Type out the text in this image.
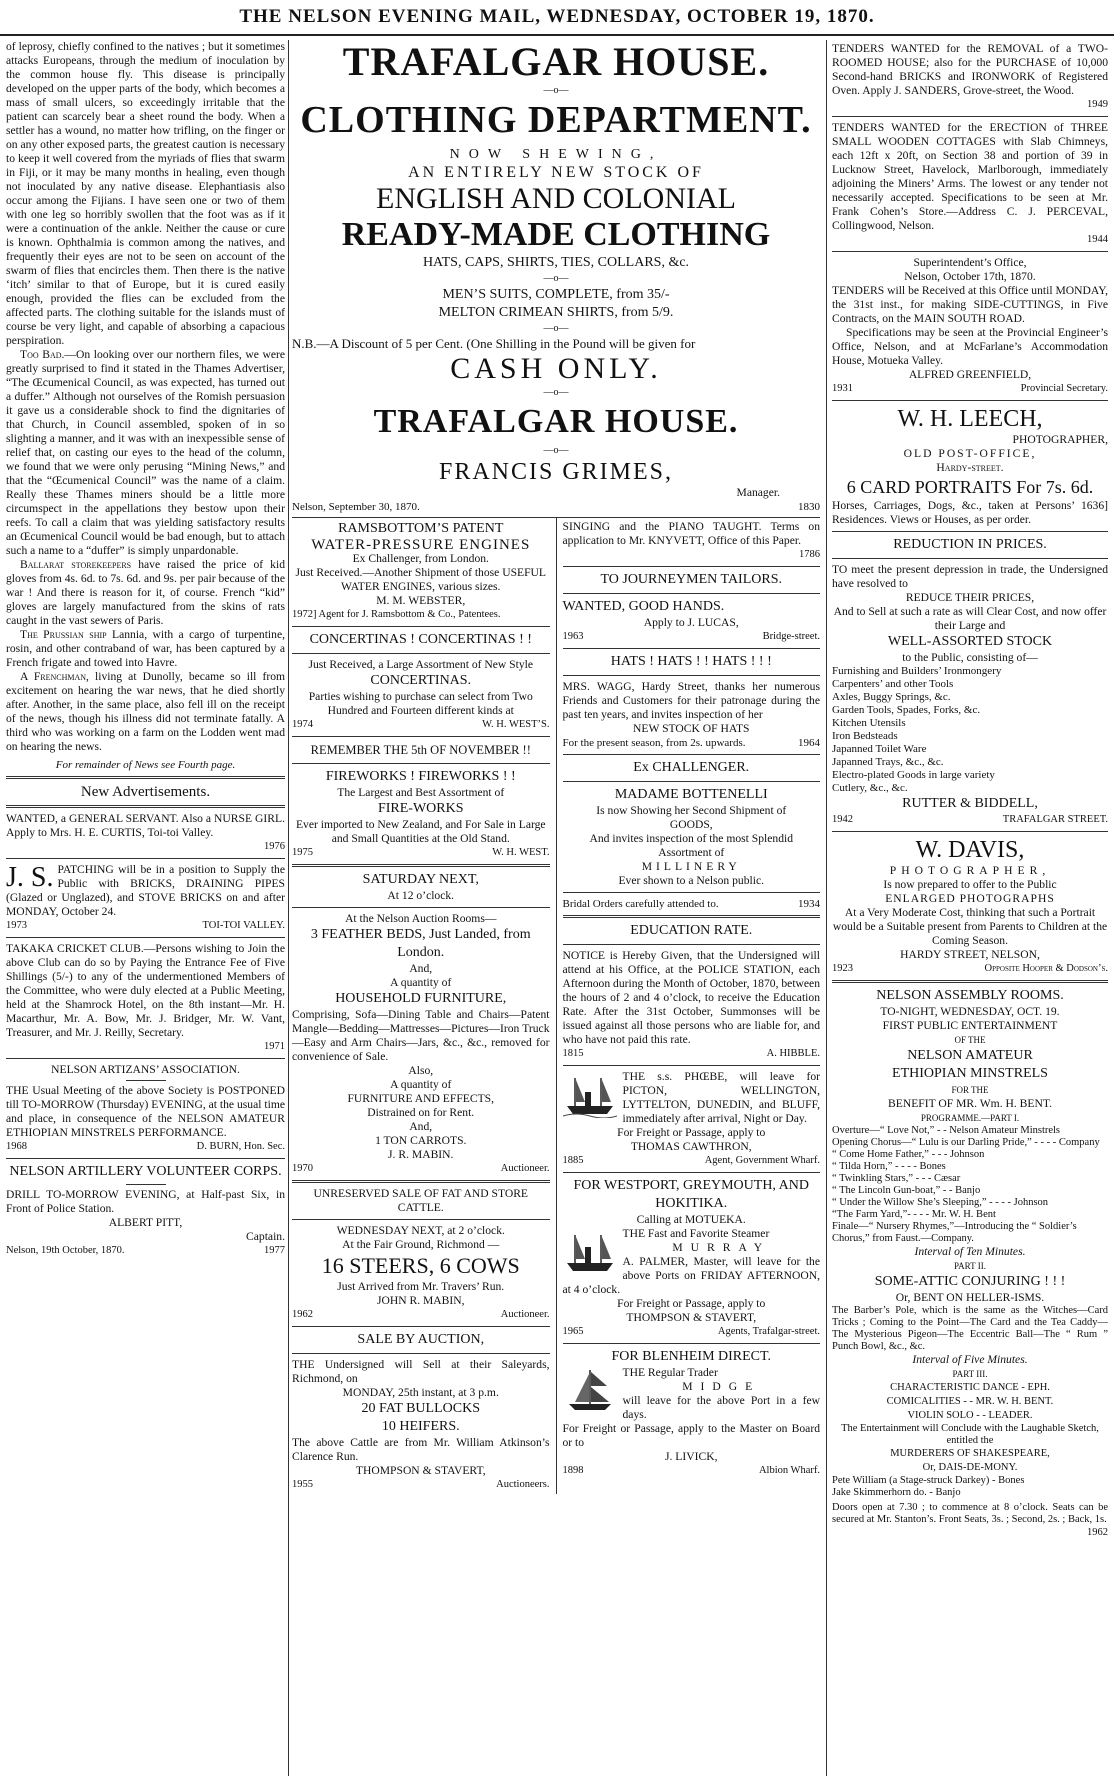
THE NELSON EVENING MAIL, WEDNESDAY, OCTOBER 19, 1870.

of leprosy, chiefly confined to the natives ; but it sometimes attacks Europeans, through the medium of inoculation by the common house fly. This disease is principally developed on the upper parts of the body, which becomes a mass of small ulcers, so exceedingly irritable that the patient can scarcely bear a sheet round the body. When a settler has a wound, no matter how trifling, on the finger or on any other exposed parts, the greatest caution is necessary to keep it well covered from the myriads of flies that swarm in Fiji, or it may be many months in healing, even though not inoculated by any native disease. Elephantiasis also occur among the Fijians. I have seen one or two of them with one leg so horribly swollen that the foot was as if it were a continuation of the ankle. Neither the cause or cure is known. Ophthalmia is common among the natives, and frequently their eyes are not to be seen on account of the swarm of flies that encircles them. Then there is the native ‘itch’ similar to that of Europe, but it is cured easily enough, provided the flies can be excluded from the affected parts. The clothing suitable for the islands must of course be very light, and capable of absorbing a capacious perspiration.

Too Bad.—On looking over our northern files, we were greatly surprised to find it stated in the Thames Advertiser, “The Œcumenical Council, as was expected, has turned out a duffer.” Although not ourselves of the Romish persuasion it gave us a considerable shock to find the dignitaries of that Church, in Council assembled, spoken of in so slighting a manner, and it was with an inexpessible sense of relief that, on casting our eyes to the head of the column, we found that we were only perusing “Mining News,” and that the “Œcumenical Council” was the name of a claim. Really these Thames miners should be a little more circumspect in the appellations they bestow upon their reefs. To call a claim that was yielding satisfactory results an Œcumenical Council would be bad enough, but to attach such a name to a “duffer” is simply unpardonable.

Ballarat storekeepers have raised the price of kid gloves from 4s. 6d. to 7s. 6d. and 9s. per pair because of the war ! And there is reason for it, of course. French “kid” gloves are largely manufactured from the skins of rats caught in the vast sewers of Paris.

The Prussian ship Lannia, with a cargo of turpentine, rosin, and other contraband of war, has been captured by a French frigate and towed into Havre.

A Frenchman, living at Dunolly, became so ill from excitement on hearing the war news, that he died shortly after. Another, in the same place, also fell ill on the receipt of the news, though his illness did not terminate fatally. A third who was working on a farm on the Lodden went mad on hearing the news.

For remainder of News see Fourth page.

New Advertisements.

WANTED, a GENERAL SERVANT. Also a NURSE GIRL. Apply to Mrs. H. E. CURTIS, Toi-toi Valley.

1976
J. S. PATCHING will be in a position to Supply the Public with BRICKS, DRAINING PIPES (Glazed or Unglazed), and STOVE BRICKS on and after MONDAY, October 24.

1973	TOI-TOI VALLEY.

TAKAKA CRICKET CLUB.—Persons wishing to Join the above Club can do so by Paying the Entrance Fee of Five Shillings (5/-) to any of the undermentioned Members of the Committee, who were duly elected at a Public Meeting, held at the Shamrock Hotel, on the 8th instant—Mr. H. Macarthur, Mr. A. Bow, Mr. J. Bridger, Mr. W. Vant, Treasurer, and Mr. J. Reilly, Secretary.

1971
NELSON ARTIZANS’ ASSOCIATION.

THE Usual Meeting of the above Society is POSTPONED till TO-MORROW (Thursday) EVENING, at the usual time and place, in consequence of the NELSON AMATEUR ETHIOPIAN MINSTRELS PERFORMANCE.

1968	D. BURN, Hon. Sec.
NELSON ARTILLERY VOLUNTEER CORPS.

DRILL TO-MORROW EVENING, at Half-past Six, in Front of Police Station.

ALBERT PITT,
Captain.
Nelson, 19th October, 1870.	1977
TRAFALGAR HOUSE.
—o—
CLOTHING DEPARTMENT.
NOW SHEWING,
AN ENTIRELY NEW STOCK OF
ENGLISH AND COLONIAL
READY-MADE CLOTHING
HATS, CAPS, SHIRTS, TIES, COLLARS, &c.
—o—
MEN’S SUITS, COMPLETE, from 35/-
MELTON CRIMEAN SHIRTS, from 5/9.
—o—
N.B.—A Discount of 5 per Cent. (One Shilling in the Pound will be given for
CASH ONLY.
—o—
TRAFALGAR HOUSE.
—o—
FRANCIS GRIMES,
Manager.
Nelson, September 30, 1870.	1830
RAMSBOTTOM’S PATENT
WATER-PRESSURE ENGINES
Ex Challenger, from London.

Just Received.—Another Shipment of those USEFUL WATER ENGINES, various sizes.

M. M. WEBSTER,
1972] Agent for J. Ramsbottom & Co., Patentees.
CONCERTINAS ! CONCERTINAS ! !
Just Received, a Large Assortment of New Style
CONCERTINAS.

Parties wishing to purchase can select from Two Hundred and Fourteen different kinds at

1974	W. H. WEST’S.
REMEMBER THE 5th OF NOVEMBER !!
FIREWORKS ! FIREWORKS ! !
The Largest and Best Assortment of
FIRE-WORKS

Ever imported to New Zealand, and For Sale in Large and Small Quantities at the Old Stand.

1975	W. H. WEST.
SATURDAY NEXT,
At 12 o’clock.
At the Nelson Auction Rooms—
3 FEATHER BEDS, Just Landed, from London.
And,
A quantity of
HOUSEHOLD FURNITURE,

Comprising, Sofa—Dining Table and Chairs—Patent Mangle—Bedding—Mattresses—Pictures—Iron Truck—Easy and Arm Chairs—Jars, &c., &c., removed for convenience of Sale.

Also,
A quantity of
FURNITURE AND EFFECTS,
Distrained on for Rent.
And,
1 TON CARROTS.
J. R. MABIN.
1970	Auctioneer.
UNRESERVED SALE OF FAT AND STORE CATTLE.
WEDNESDAY NEXT, at 2 o’clock.
At the Fair Ground, Richmond —
16 STEERS, 6 COWS
Just Arrived from Mr. Travers’ Run.
JOHN R. MABIN,
1962	Auctioneer.
SALE BY AUCTION,

THE Undersigned will Sell at their Saleyards, Richmond, on

MONDAY, 25th instant, at 3 p.m.
20 FAT BULLOCKS
10 HEIFERS.

The above Cattle are from Mr. William Atkinson’s Clarence Run.

THOMPSON & STAVERT,
1955	Auctioneers.

SINGING and the PIANO TAUGHT. Terms on application to Mr. KNYVETT, Office of this Paper.

1786
TO JOURNEYMEN TAILORS.
WANTED, GOOD HANDS.
Apply to J. LUCAS,
1963	Bridge-street.
HATS ! HATS ! ! HATS ! ! !

MRS. WAGG, Hardy Street, thanks her numerous Friends and Customers for their patronage during the past ten years, and invites inspection of her

NEW STOCK OF HATS
For the present season, from 2s. upwards.	1964
Ex CHALLENGER.
MADAME BOTTENELLI
Is now Showing her Second Shipment of
GOODS,
And invites inspection of the most Splendid Assortment of
MILLINERY
Ever shown to a Nelson public.
Bridal Orders carefully attended to.	1934
EDUCATION RATE.

NOTICE is Hereby Given, that the Undersigned will attend at his Office, at the POLICE STATION, each Afternoon during the Month of October, 1870, between the hours of 2 and 4 o’clock, to receive the Education Rate. After the 31st October, Summonses will be issued against all those persons who are liable for, and who have not paid this rate.

1815	A. HIBBLE.

THE s.s. PHŒBE, will leave for PICTON, WELLINGTON, LYTTELTON, DUNEDIN, and BLUFF, immediately after arrival, Night or Day.

For Freight or Passage, apply to
THOMAS CAWTHRON,
1885	Agent, Government Wharf.
FOR WESTPORT, GREYMOUTH, AND HOKITIKA.
Calling at MOTUEKA.
THE Fast and Favorite Steamer
MURRAY

A. PALMER, Master, will leave for the above Ports on FRIDAY AFTERNOON, at 4 o’clock.

For Freight or Passage, apply to
THOMPSON & STAVERT,
1965	Agents, Trafalgar-street.
FOR BLENHEIM DIRECT.
THE Regular Trader
MIDGE

will leave for the above Port in a few days.

For Freight or Passage, apply to the Master on Board or to

J. LIVICK,
1898	Albion Wharf.

TENDERS WANTED for the REMOVAL of a TWO-ROOMED HOUSE; also for the PURCHASE of 10,000 Second-hand BRICKS and IRONWORK of Registered Oven. Apply J. SANDERS, Grove-street, the Wood.

1949

TENDERS WANTED for the ERECTION of THREE SMALL WOODEN COTTAGES with Slab Chimneys, each 12ft x 20ft, on Section 38 and portion of 39 in Lucknow Street, Havelock, Marlborough, immediately adjoining the Miners’ Arms. The lowest or any tender not necessarily accepted. Specifications to be seen at Mr. Frank Cohen’s Store.—Address C. J. PERCEVAL, Collingwood, Nelson.

1944
Superintendent’s Office,
Nelson, October 17th, 1870.

TENDERS will be Received at this Office until MONDAY, the 31st inst., for making SIDE-CUTTINGS, in Five Contracts, on the MAIN SOUTH ROAD.

Specifications may be seen at the Provincial Engineer’s Office, Nelson, and at McFarlane’s Accommodation House, Motueka Valley.

ALFRED GREENFIELD,
1931	Provincial Secretary.
W. H. LEECH,
PHOTOGRAPHER,
OLD POST-OFFICE,
Hardy-street.
6 CARD PORTRAITS For 7s. 6d.

Horses, Carriages, Dogs, &c., taken at Persons’ 1636] Residences. Views or Houses, as per order.

REDUCTION IN PRICES.

TO meet the present depression in trade, the Undersigned have resolved to

REDUCE THEIR PRICES,

And to Sell at such a rate as will Clear Cost, and now offer their Large and

WELL-ASSORTED STOCK
to the Public, consisting of—
Furnishing and Builders’ Ironmongery
Carpenters’ and other Tools
Axles, Buggy Springs, &c.
Garden Tools, Spades, Forks, &c.
Kitchen Utensils
Iron Bedsteads
Japanned Toilet Ware
Japanned Trays, &c., &c.
Electro-plated Goods in large variety
Cutlery, &c., &c.
RUTTER & BIDDELL,
1942	TRAFALGAR STREET.
W. DAVIS,
PHOTOGRAPHER,
Is now prepared to offer to the Public
ENLARGED PHOTOGRAPHS

At a Very Moderate Cost, thinking that such a Portrait would be a Suitable present from Parents to Children at the Coming Season.

HARDY STREET, NELSON,
1923	Opposite Hooper & Dodson’s.
NELSON ASSEMBLY ROOMS.
TO-NIGHT, WEDNESDAY, OCT. 19.
FIRST PUBLIC ENTERTAINMENT
OF THE
NELSON AMATEUR
ETHIOPIAN MINSTRELS
FOR THE
BENEFIT OF MR. Wm. H. BENT.
PROGRAMME.—PART I.
Overture—“ Love Not,” - - Nelson Amateur Minstrels
Opening Chorus—“ Lulu is our Darling Pride,” - - - - Company
“ Come Home Father,” - - - Johnson
“ Tilda Horn,” - - - - Bones
“ Twinkling Stars,” - - - Cæsar
“ The Lincoln Gun-boat,” - - Banjo
“ Under the Willow She’s Sleeping,” - - - - Johnson
“The Farm Yard,”- - - - Mr. W. H. Bent
Finale—“ Nursery Rhymes,”—Introducing the “ Soldier’s Chorus,” from Faust.—Company.
Interval of Ten Minutes.
PART II.
SOME-ATTIC CONJURING ! ! !
Or, BENT ON HELLER-ISMS.

The Barber’s Pole, which is the same as the Witches—Card Tricks ; Coming to the Point—The Card and the Tea Caddy—The Mysterious Pigeon—The Eccentric Ball—The “ Rum ” Punch Bowl, &c., &c.

Interval of Five Minutes.
PART III.
CHARACTERISTIC DANCE - EPH.
COMICALITIES - - MR. W. H. BENT.
VIOLIN SOLO - - LEADER.

The Entertainment will Conclude with the Laughable Sketch, entitled the

MURDERERS OF SHAKESPEARE,
Or, DAIS-DE-MONY.
Pete William (a Stage-struck Darkey) - Bones
Jake Skimmerhorn do. - Banjo

Doors open at 7.30 ; to commence at 8 o’clock. Seats can be secured at Mr. Stanton’s. Front Seats, 3s. ; Second, 2s. ; Back, 1s.

1962
